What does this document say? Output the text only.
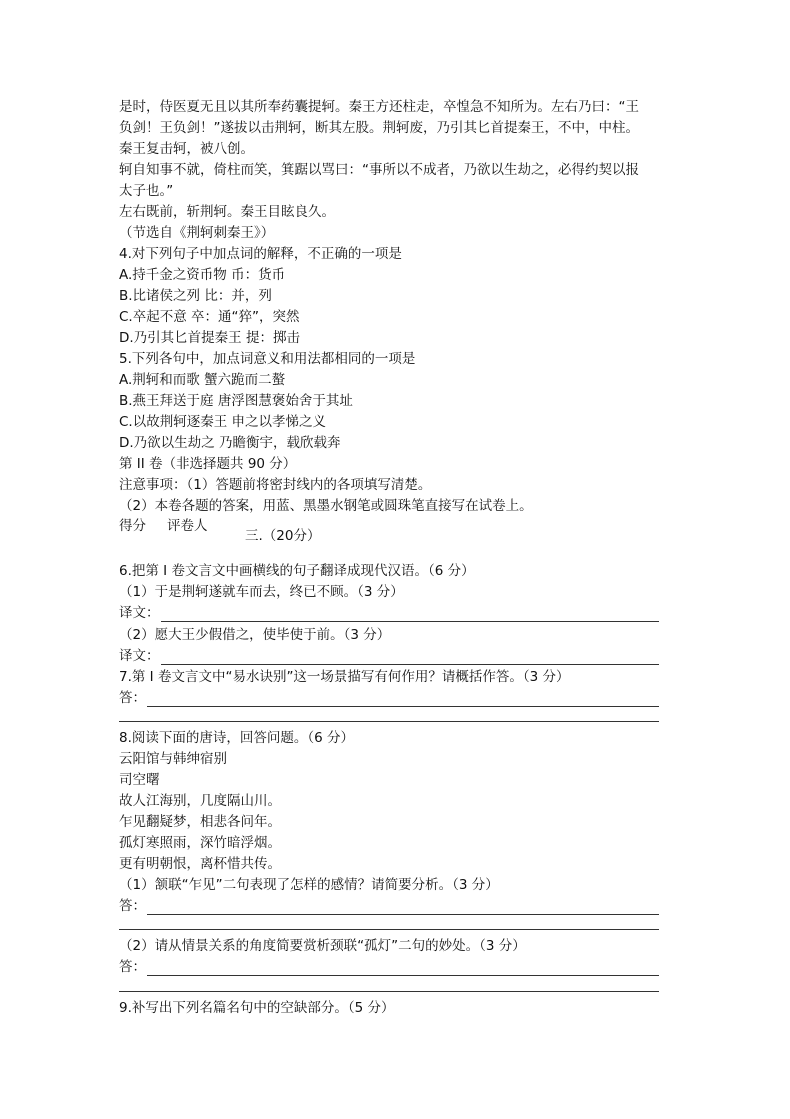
是时，侍医夏无且以其所奉药囊提轲。秦王方还柱走，卒惶急不知所为。左右乃曰：“王
负剑！王负剑！”遂拔以击荆轲，断其左股。荆轲废，乃引其匕首提秦王，不中，中柱。
秦王复击轲，被八创。
轲自知事不就，倚柱而笑，箕踞以骂曰：“事所以不成者，乃欲以生劫之，必得约契以报
太子也。”
左右既前，斩荆轲。秦王目眩良久。
（节选自《荆轲刺秦王》）
4.对下列句子中加点词的解释，不正确的一项是
A.持千金之资币物 币：货币
B.比诸侯之列 比：并，列
C.卒起不意 卒：通“猝”，突然
D.乃引其匕首提秦王 提：掷击
5.下列各句中，加点词意义和用法都相同的一项是
A.荆轲和而歌 蟹六跪而二螯
B.燕王拜送于庭 唐浮图慧褒始舍于其址
C.以故荆轲逐秦王 申之以孝悌之义
D.乃欲以生劫之 乃瞻衡宇，载欣载奔
第 II 卷（非选择题共 90 分）
注意事项：（1）答题前将密封线内的各项填写清楚。
（2）本卷各题的答案，用蓝、黑墨水钢笔或圆珠笔直接写在试卷上。
得分 评卷人
三.（20分）
6.把第 I 卷文言文中画横线的句子翻译成现代汉语。（6 分）
（1）于是荆轲遂就车而去，终已不顾。（3 分）
译文：
（2）愿大王少假借之，使毕使于前。（3 分）
译文：
7.第 I 卷文言文中“易水诀别”这一场景描写有何作用？请概括作答。（3 分）
答：
8.阅读下面的唐诗，回答问题。（6 分）
云阳馆与韩绅宿别
司空曙
故人江海别，几度隔山川。
乍见翻疑梦，相悲各问年。
孤灯寒照雨，深竹暗浮烟。
更有明朝恨，离杯惜共传。
（1）颔联“乍见”二句表现了怎样的感情？请简要分析。（3 分）
答：
（2）请从情景关系的角度简要赏析颈联“孤灯”二句的妙处。（3 分）
答：
9.补写出下列名篇名句中的空缺部分。（5 分）
